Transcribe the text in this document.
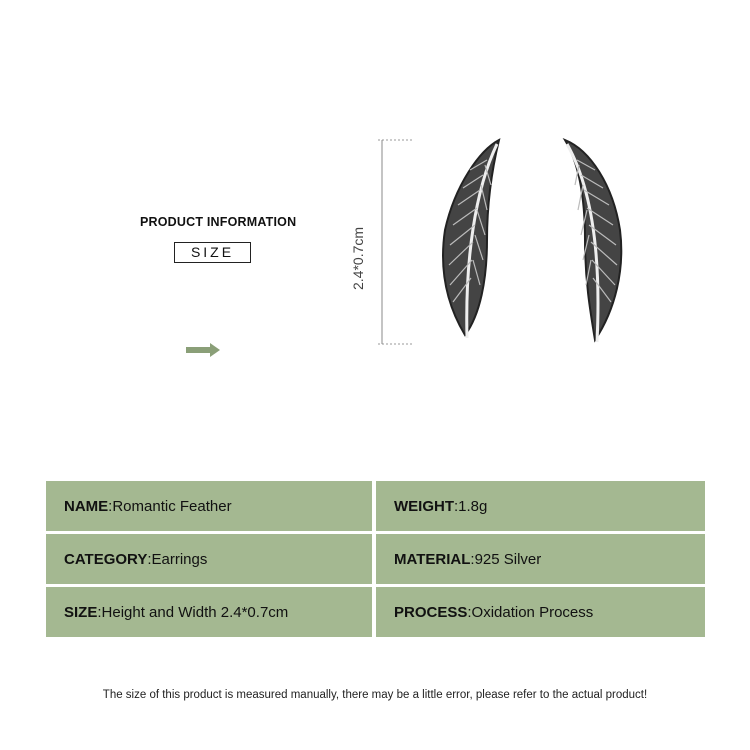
PRODUCT INFORMATION
SIZE	2.4*0.7cm
NAME : Romantic Feather	WEIGHT : 1.8g
CATEGORY : Earrings	MATERIAL : 925 Silver
SIZE : Height and Width 2.4*0.7cm	PROCESS : Oxidation Process
The size of this product is measured manually, there may be a little error, please refer to the actual product!
